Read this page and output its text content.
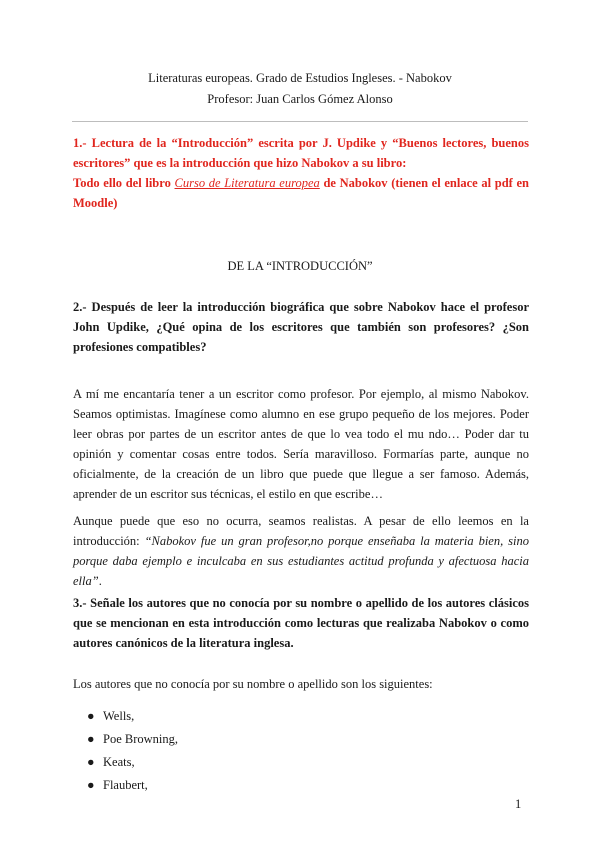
Literaturas europeas. Grado de Estudios Ingleses. - Nabokov
Profesor: Juan Carlos Gómez Alonso
1.- Lectura de la “Introducción” escrita por J. Updike y “Buenos lectores, buenos escritores” que es la introducción que hizo Nabokov a su libro:
Todo ello del libro Curso de Literatura europea de Nabokov (tienen el enlace al pdf en Moodle)
DE LA “INTRODUCCIÓN”
2.- Después de leer la introducción biográfica que sobre Nabokov hace el profesor John Updike, ¿Qué opina de los escritores que también son profesores? ¿Son profesiones compatibles?
A mí me encantaría tener a un escritor como profesor. Por ejemplo, al mismo Nabokov. Seamos optimistas. Imagínese como alumno en ese grupo pequeño de los mejores. Poder leer obras por partes de un escritor antes de que lo vea todo el mu ndo… Poder dar tu opinión y comentar cosas entre todos. Sería maravilloso. Formarías parte, aunque no oficialmente, de la creación de un libro que puede que llegue a ser famoso. Además, aprender de un escritor sus técnicas, el estilo en que escribe…
Aunque puede que eso no ocurra, seamos realistas. A pesar de ello leemos en la introducción: “Nabokov fue un gran profesor,no porque enseñaba la materia bien, sino porque daba ejemplo e inculcaba en sus estudiantes actitud profunda y afectuosa hacia ella”.
3.- Señale los autores que no conocía por su nombre o apellido de los autores clásicos que se mencionan en esta introducción como lecturas que realizaba Nabokov o como autores canónicos de la literatura inglesa.
Los autores que no conocía por su nombre o apellido son los siguientes:
● Wells,
● Poe Browning,
● Keats,
● Flaubert,
1
